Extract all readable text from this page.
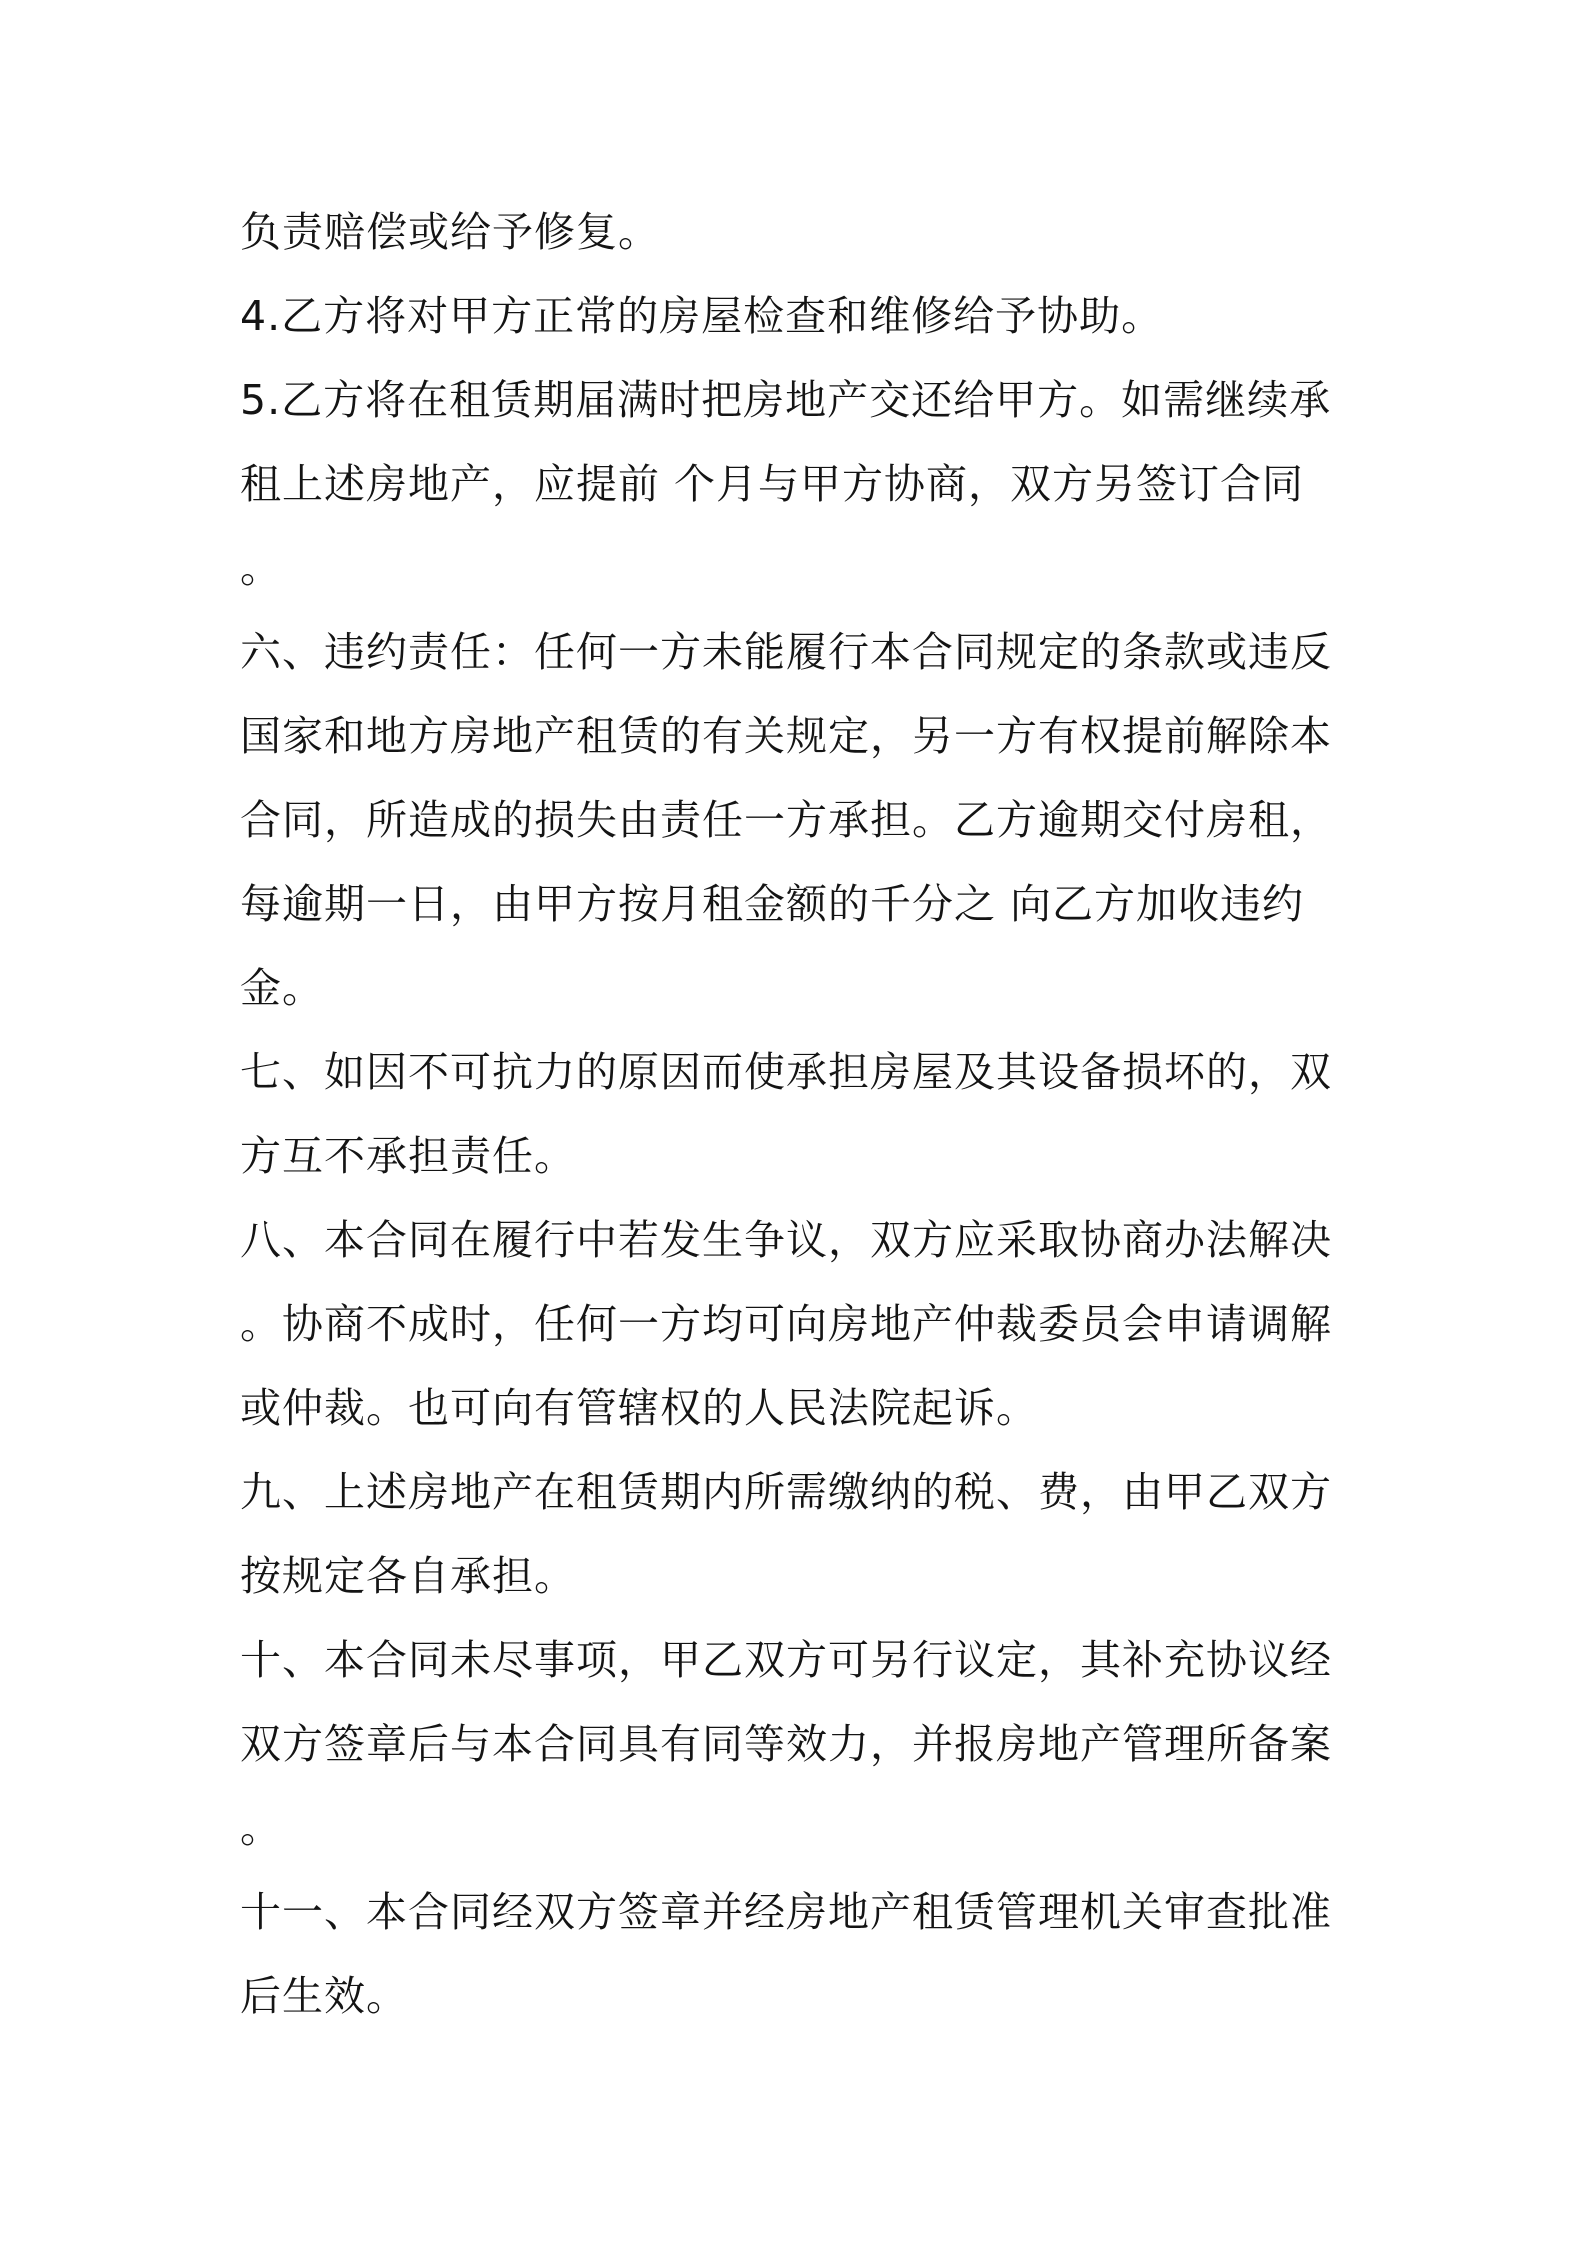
负责赔偿或给予修复。
4.乙方将对甲方正常的房屋检查和维修给予协助。
5.乙方将在租赁期届满时把房地产交还给甲方。如需继续承
租上述房地产，应提前 个月与甲方协商，双方另签订合同
。
六、违约责任：任何一方未能履行本合同规定的条款或违反
国家和地方房地产租赁的有关规定，另一方有权提前解除本
合同，所造成的损失由责任一方承担。乙方逾期交付房租，
每逾期一日，由甲方按月租金额的千分之 向乙方加收违约
金。
七、如因不可抗力的原因而使承担房屋及其设备损坏的，双
方互不承担责任。
八、本合同在履行中若发生争议，双方应采取协商办法解决
。协商不成时，任何一方均可向房地产仲裁委员会申请调解
或仲裁。也可向有管辖权的人民法院起诉。
九、上述房地产在租赁期内所需缴纳的税、费，由甲乙双方
按规定各自承担。
十、本合同未尽事项，甲乙双方可另行议定，其补充协议经
双方签章后与本合同具有同等效力，并报房地产管理所备案
。
十一、本合同经双方签章并经房地产租赁管理机关审查批准
后生效。
